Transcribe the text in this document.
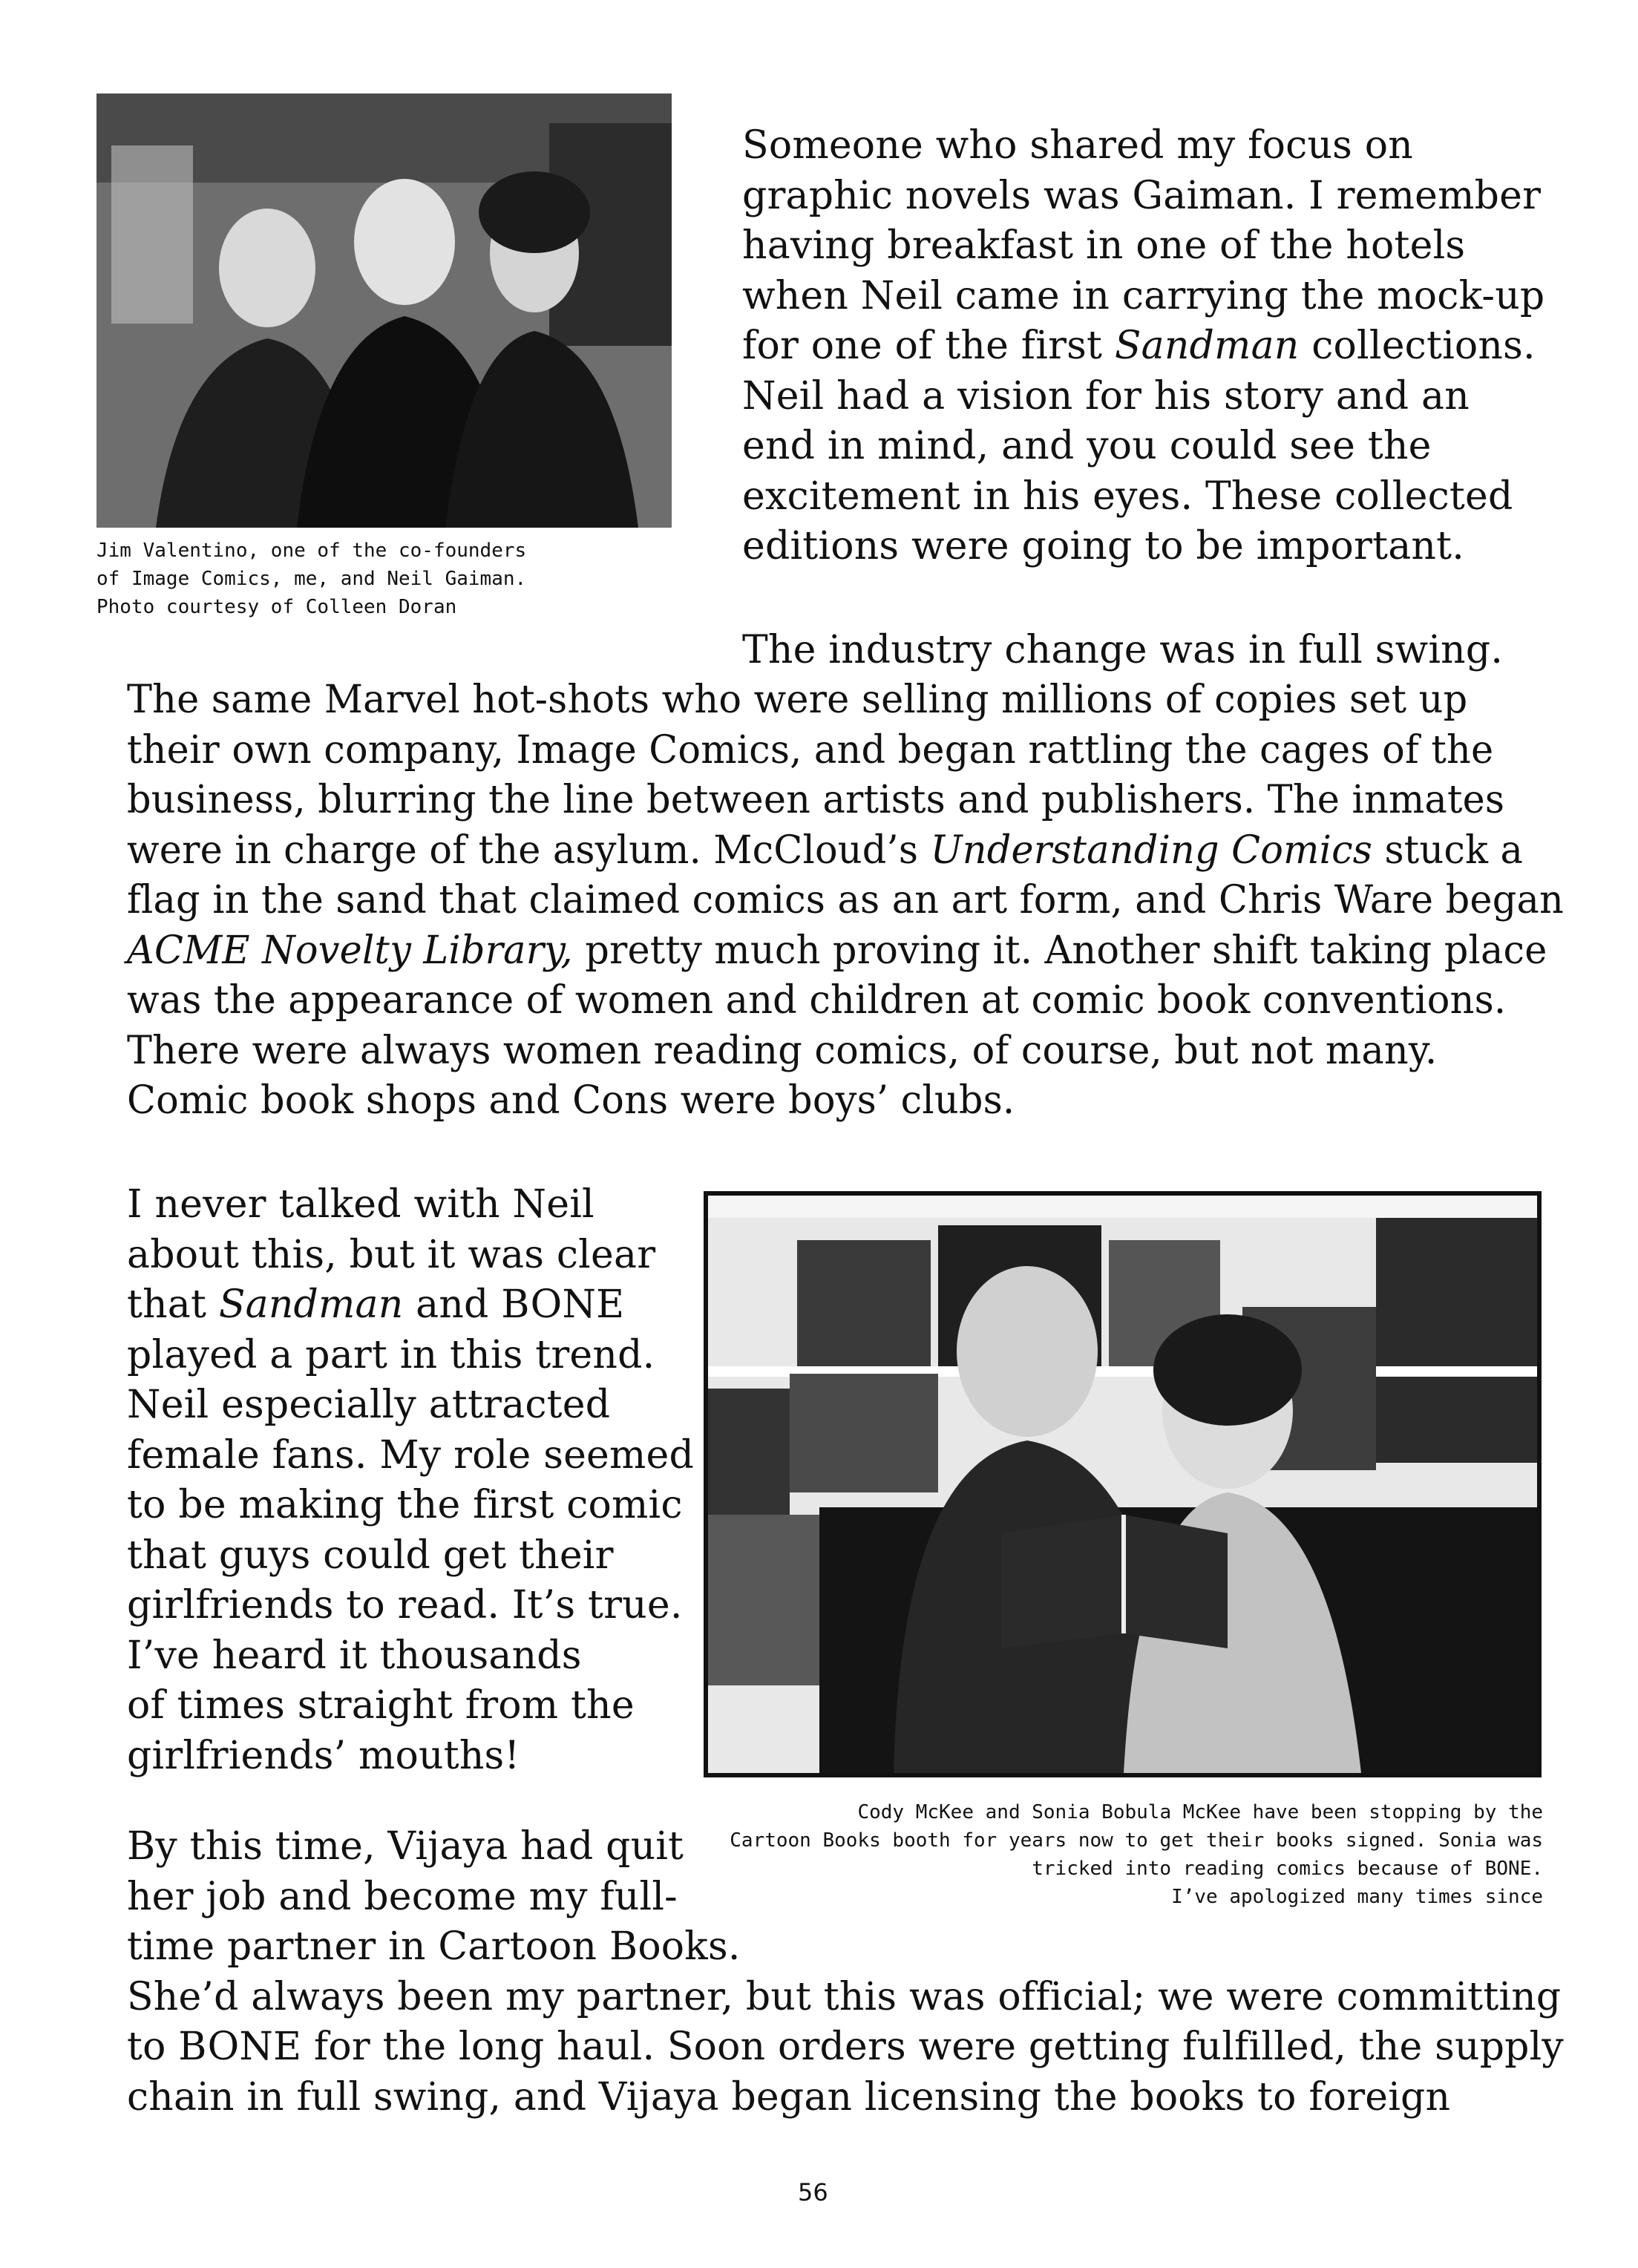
Jim Valentino, one of the co-founders
of Image Comics, me, and Neil Gaiman.
Photo courtesy of Colleen Doran
Someone who shared my focus on
graphic novels was Gaiman. I remember
having breakfast in one of the hotels
when Neil came in carrying the mock-up
for one of the first Sandman collections.
Neil had a vision for his story and an
end in mind, and you could see the
excitement in his eyes. These collected
editions were going to be important.
The industry change was in full swing.
The same Marvel hot-shots who were selling millions of copies set up
their own company, Image Comics, and began rattling the cages of the
business, blurring the line between artists and publishers. The inmates
were in charge of the asylum. McCloud’s Understanding Comics stuck a
flag in the sand that claimed comics as an art form, and Chris Ware began
ACME Novelty Library, pretty much proving it. Another shift taking place
was the appearance of women and children at comic book conventions.
There were always women reading comics, of course, but not many.
Comic book shops and Cons were boys’ clubs.
I never talked with Neil
about this, but it was clear
that Sandman and BONE
played a part in this trend.
Neil especially attracted
female fans. My role seemed
to be making the first comic
that guys could get their
girlfriends to read. It’s true.
I’ve heard it thousands
of times straight from the
girlfriends’ mouths!
Cody McKee and Sonia Bobula McKee have been stopping by the
Cartoon Books booth for years now to get their books signed. Sonia was
tricked into reading comics because of BONE.
I’ve apologized many times since
By this time, Vijaya had quit
her job and become my full-
time partner in Cartoon Books.
She’d always been my partner, but this was official; we were committing
to BONE for the long haul. Soon orders were getting fulfilled, the supply
chain in full swing, and Vijaya began licensing the books to foreign
56
